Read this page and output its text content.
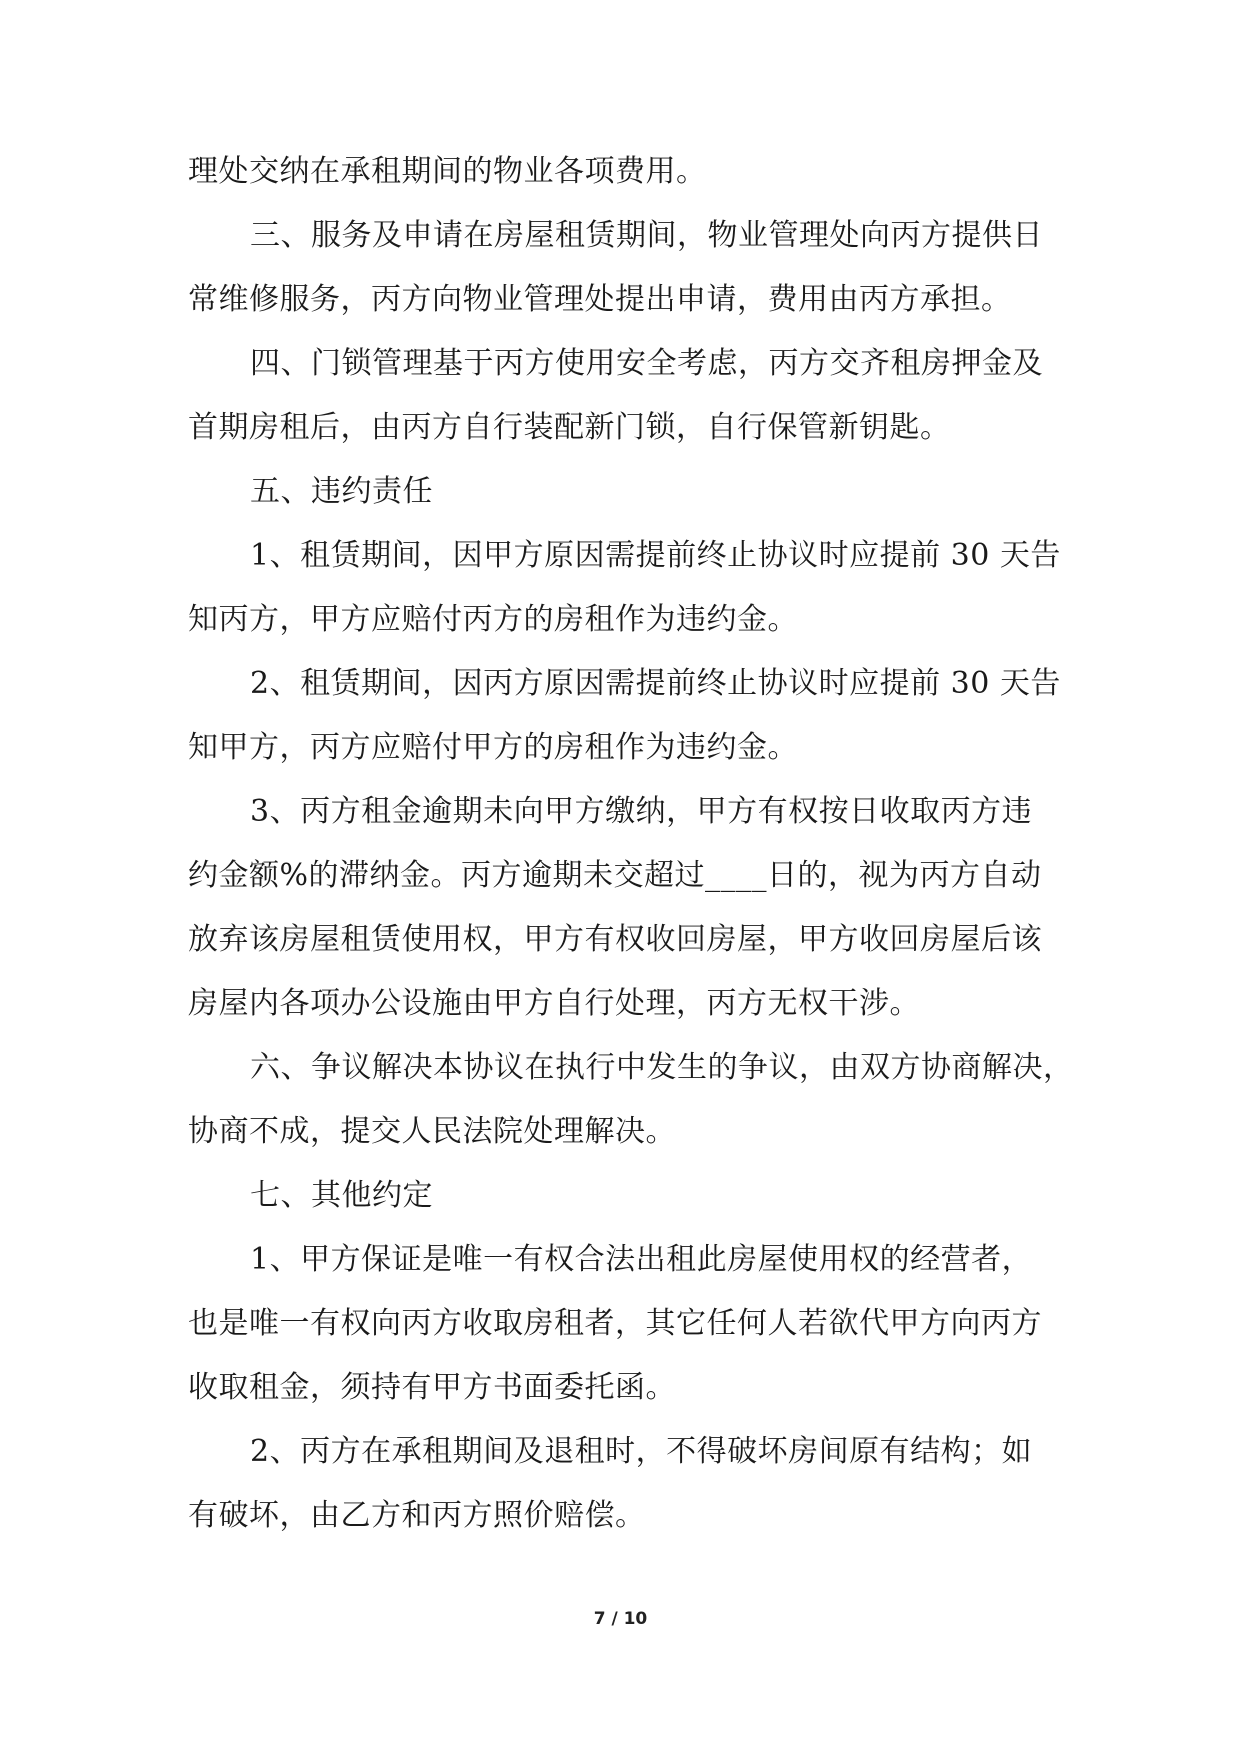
理处交纳在承租期间的物业各项费用。
三、服务及申请在房屋租赁期间，物业管理处向丙方提供日
常维修服务，丙方向物业管理处提出申请，费用由丙方承担。
四、门锁管理基于丙方使用安全考虑，丙方交齐租房押金及
首期房租后，由丙方自行装配新门锁，自行保管新钥匙。
五、违约责任
1、租赁期间，因甲方原因需提前终止协议时应提前 30 天告
知丙方，甲方应赔付丙方的房租作为违约金。
2、租赁期间，因丙方原因需提前终止协议时应提前 30 天告
知甲方，丙方应赔付甲方的房租作为违约金。
3、丙方租金逾期未向甲方缴纳，甲方有权按日收取丙方违
约金额%的滞纳金。丙方逾期未交超过____日的，视为丙方自动
放弃该房屋租赁使用权，甲方有权收回房屋，甲方收回房屋后该
房屋内各项办公设施由甲方自行处理，丙方无权干涉。
六、争议解决本协议在执行中发生的争议，由双方协商解决，
协商不成，提交人民法院处理解决。
七、其他约定
1、甲方保证是唯一有权合法出租此房屋使用权的经营者，
也是唯一有权向丙方收取房租者，其它任何人若欲代甲方向丙方
收取租金，须持有甲方书面委托函。
2、丙方在承租期间及退租时，不得破坏房间原有结构；如
有破坏，由乙方和丙方照价赔偿。
7 / 10
